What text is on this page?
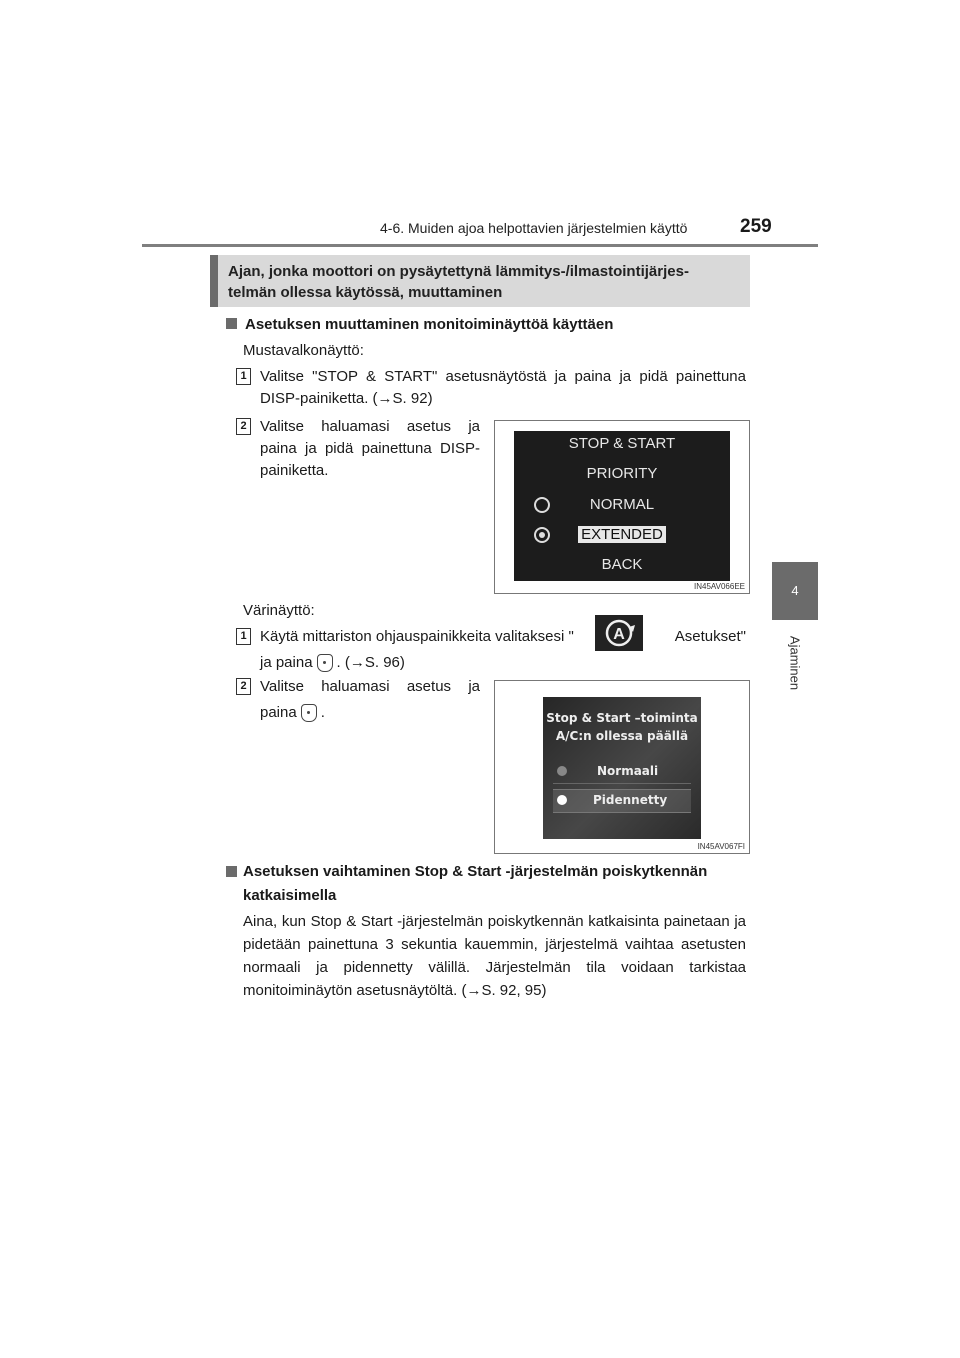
4-6. Muiden ajoa helpottavien järjestelmien käyttö	259
4
Ajaminen
Ajan, jonka moottori on pysäytettynä lämmitys-/ilmastointijärjes- telmän ollessa käytössä, muuttaminen
Asetuksen muuttaminen monitoiminäyttöä käyttäen
Mustavalkonäyttö:
1 Valitse "STOP & START" asetusnäytöstä ja paina ja pidä painettuna DISP-painiketta. (→S. 92)
2 Valitse haluamasi asetus ja paina ja pidä painettuna DISP- painiketta.
STOP & START
PRIORITY
NORMAL
EXTENDED
BACK
IN45AV066EE
Värinäyttö:
1 Käytä mittariston ohjauspainikkeita valitaksesi " A	Asetukset"
ja paina . (→S. 96)
2 Valitse haluamasi asetus ja
paina .	Stop & Start –toiminta
A/C:n ollessa päällä
Normaali
Pidennetty
IN45AV067FI
Asetuksen vaihtaminen Stop & Start -järjestelmän poiskytkennän katkaisimella
Aina, kun Stop & Start -järjestelmän poiskytkennän katkaisinta painetaan ja pidetään painettuna 3 sekuntia kauemmin, järjestelmä vaihtaa asetusten normaali ja pidennetty välillä. Järjestelmän tila voidaan tarkistaa monitoiminäytön asetusnäytöltä. (→S. 92, 95)
